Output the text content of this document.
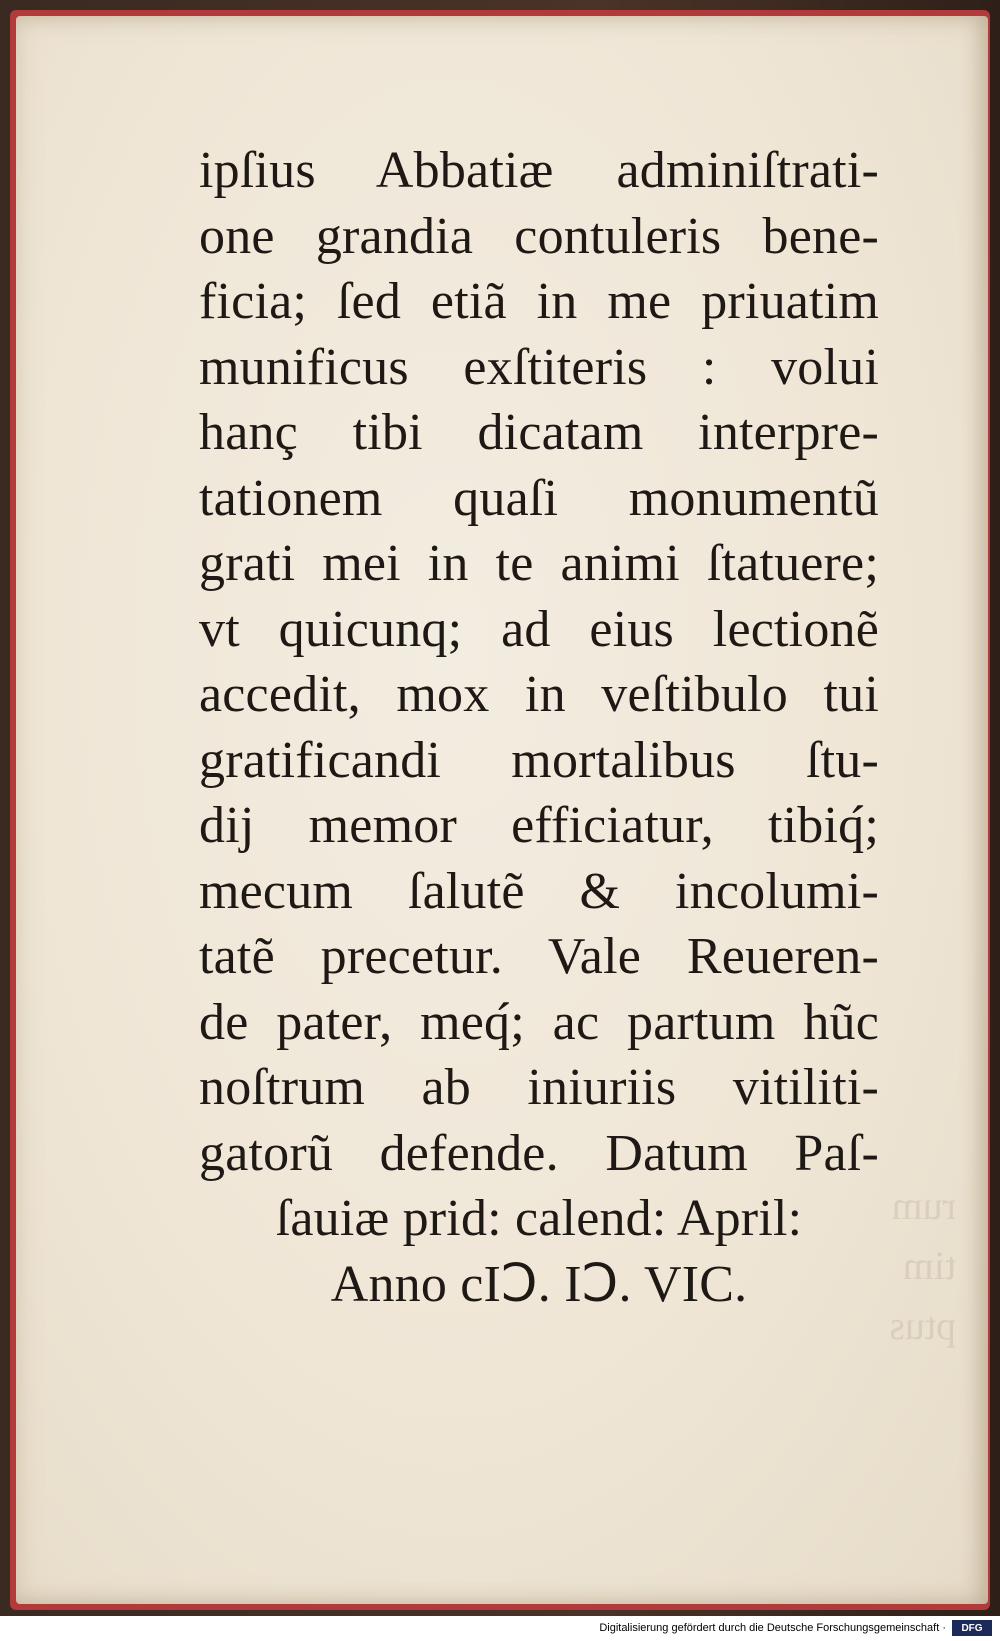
rum
tim
ptus
ipſius Abbatiæ adminiſtrati-
one grandia contuleris bene-
ficia; ſed etiã in me priuatim
munificus exſtiteris : volui
hanç tibi dicatam interpre-
tationem quaſi monumentũ
grati mei in te animi ſtatuere;
vt quicunq; ad eius lectionẽ
accedit, mox in veſtibulo tui
gratificandi mortalibus ſtu-
dij memor efficiatur, tibiq́;
mecum ſalutẽ & incolumi-
tatẽ precetur. Vale Reueren-
de pater, meq́; ac partum hũc
noſtrum ab iniuriis vitiliti-
gatorũ defende. Datum Paſ-
ſauiæ prid: calend: April:
Anno cIↃ. IↃ. VIC.
Digitalisierung gefördert durch die Deutsche Forschungsgemeinschaft ·	DFG
